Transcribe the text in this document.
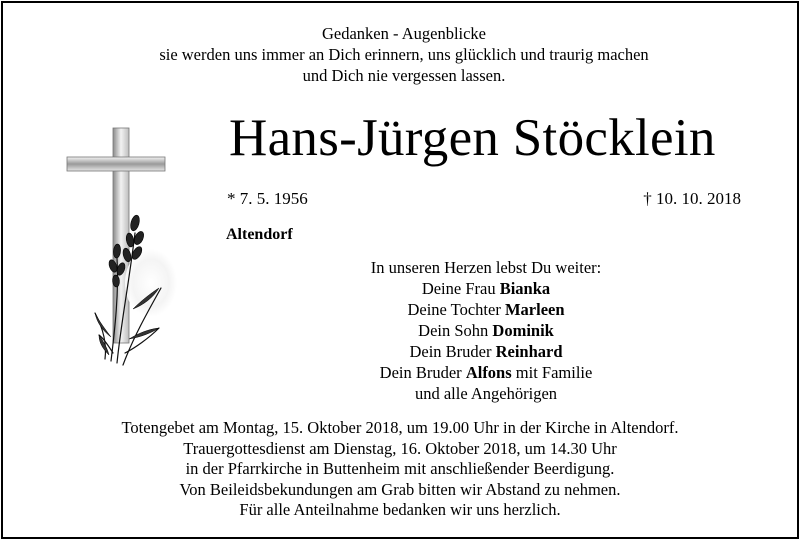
Gedanken - Augenblicke
sie werden uns immer an Dich erinnern, uns glücklich und traurig machen
und Dich nie vergessen lassen.
Hans-Jürgen Stöcklein
* 7. 5. 1956	† 10. 10. 2018
Altendorf
In unseren Herzen lebst Du weiter:
Deine Frau Bianka
Deine Tochter Marleen
Dein Sohn Dominik
Dein Bruder Reinhard
Dein Bruder Alfons mit Familie
und alle Angehörigen
Totengebet am Montag, 15. Oktober 2018, um 19.00 Uhr in der Kirche in Altendorf.
Trauergottesdienst am Dienstag, 16. Oktober 2018, um 14.30 Uhr
in der Pfarrkirche in Buttenheim mit anschließender Beerdigung.
Von Beileidsbekundungen am Grab bitten wir Abstand zu nehmen.
Für alle Anteilnahme bedanken wir uns herzlich.
